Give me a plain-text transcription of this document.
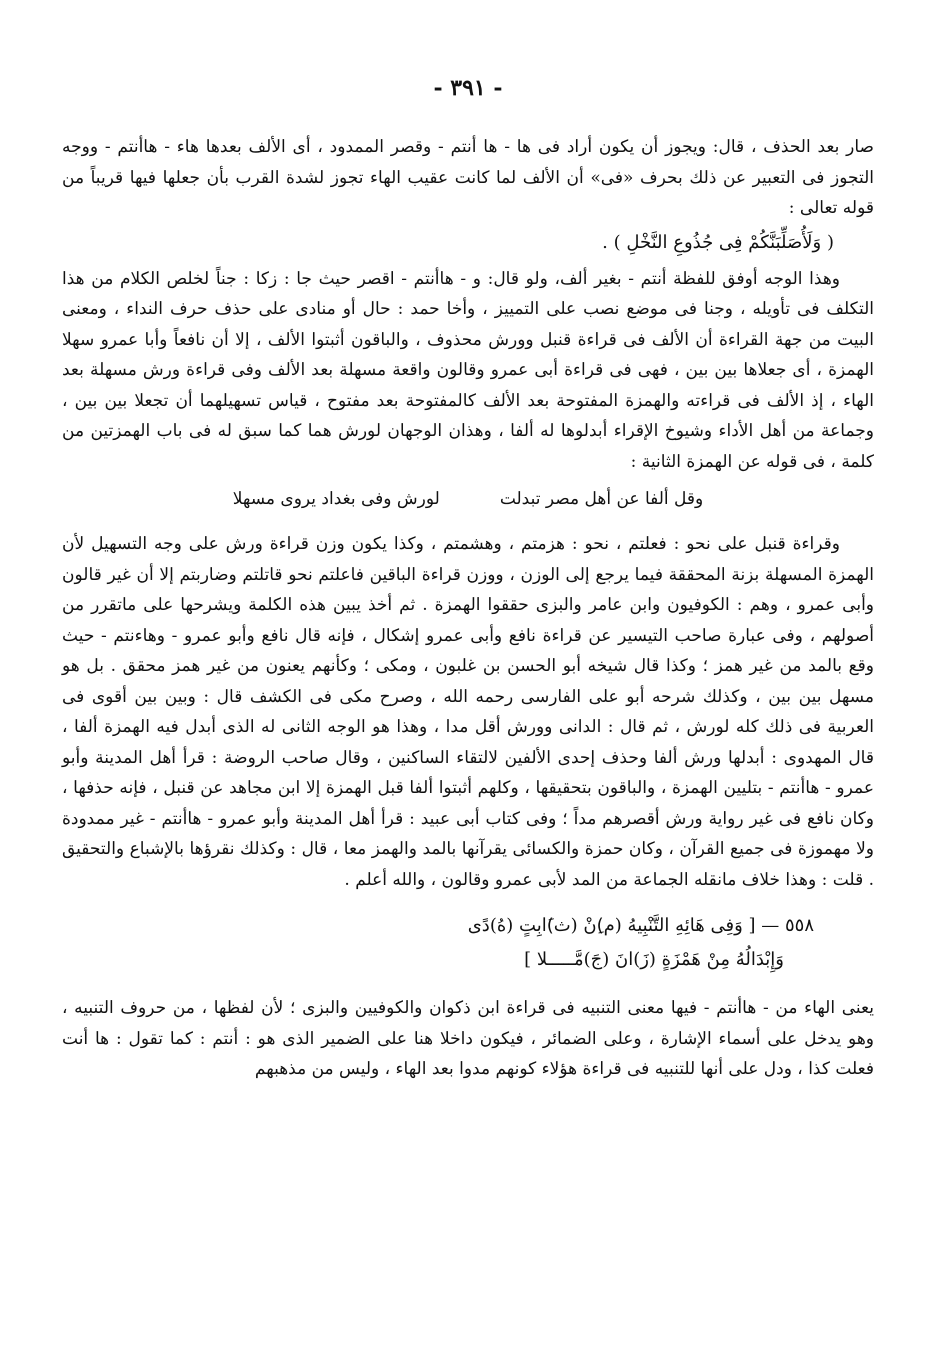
- ٣٩١ -

صار بعد الحذف ، قال: ويجوز أن يكون أراد فى ها - ها أنتم - وقصر الممدود ، أى الألف بعدها هاء - هاأنتم - ووجه التجوز فى التعبير عن ذلك بحرف «فى» أن الألف لما كانت عقيب الهاء تجوز لشدة القرب بأن جعلها فيها قريباً من قوله تعالى :

( وَلَأُصَلِّبَنَّكُمْ فِى جُذُوعِ النَّخْلِ ) .

وهذا الوجه أوفق للفظة أنتم - بغير ألف، ولو قال: و - هاأنتم - اقصر حيث جا : زكا : جناً لخلص الكلام من هذا التكلف فى تأويله ، وجنا فى موضع نصب على التمييز ، وأخا حمد : حال أو منادى على حذف حرف النداء ، ومعنى البيت من جهة القراءة أن الألف فى قراءة قنبل وورش محذوف ، والباقون أثبتوا الألف ، إلا أن نافعاً وأبا عمرو سهلا الهمزة ، أى جعلاها بين بين ، فهى فى قراءة أبى عمرو وقالون واقعة مسهلة بعد الألف وفى قراءة ورش مسهلة بعد الهاء ، إذ الألف فى قراءته والهمزة المفتوحة بعد الألف كالمفتوحة بعد مفتوح ، قياس تسهيلهما أن تجعلا بين بين ، وجماعة من أهل الأداء وشيوخ الإقراء أبدلوها له ألفا ، وهذان الوجهان لورش هما كما سبق له فى باب الهمزتين من كلمة ، فى قوله عن الهمزة الثانية :

وقل ألفا عن أهل مصر تبدلت
لورش وفى بغداد يروى مسهلا

وقراءة قنبل على نحو : فعلتم ، نحو : هزمتم ، وهشمتم ، وكذا يكون وزن قراءة ورش على وجه التسهيل لأن الهمزة المسهلة بزنة المحققة فيما يرجع إلى الوزن ، ووزن قراءة الباقين فاعلتم نحو قاتلتم وضاربتم إلا أن غير قالون وأبى عمرو ، وهم : الكوفيون وابن عامر والبزى حققوا الهمزة . ثم أخذ يبين هذه الكلمة ويشرحها على ماتقرر من أصولهم ، وفى عبارة صاحب التيسير عن قراءة نافع وأبى عمرو إشكال ، فإنه قال نافع وأبو عمرو - وهاءنتم - حيث وقع بالمد من غير همز ؛ وكذا قال شيخه أبو الحسن بن غلبون ، ومكى ؛ وكأنهم يعنون من غير همز محقق . بل هو مسهل بين بين ، وكذلك شرحه أبو على الفارسى رحمه الله ، وصرح مكى فى الكشف قال : وبين بين أقوى فى العربية فى ذلك كله لورش ، ثم قال : الدانى وورش أقل مدا ، وهذا هو الوجه الثانى له الذى أبدل فيه الهمزة ألفا ، قال المهدوى : أبدلها ورش ألفا وحذف إحدى الألفين لالتقاء الساكنين ، وقال صاحب الروضة : قرأ أهل المدينة وأبو عمرو - هاأنتم - بتليين الهمزة ، والباقون بتحقيقها ، وكلهم أثبتوا ألفا قبل الهمزة إلا ابن مجاهد عن قنبل ، فإنه حذفها ، وكان نافع فى غير رواية ورش أقصرهم مداً ؛ وفى كتاب أبى عبيد : قرأ أهل المدينة وأبو عمرو - هاأنتم - غير ممدودة ولا مهموزة فى جميع القرآن ، وكان حمزة والكسائى يقرآنها بالمد والهمز معا ، قال : وكذلك نقرؤها بالإشباع والتحقيق . قلت : وهذا خلاف مانقله الجماعة من المد لأبى عمرو وقالون ، والله أعلم .

٥٥٨ — [ وَفِى هَائِهِ التَّنْبِيهُ (م)ِنْ (ث)َابِتٍ (هُ)دًى

وَإِبْدَالُهُ مِنْ هَمْزَةٍ (زَ)انَ (جَ)مَّـــــلا ]

يعنى الهاء من - هاأنتم - فيها معنى التنبيه فى قراءة ابن ذكوان والكوفيين والبزى ؛ لأن لفظها ، من حروف التنبيه ، وهو يدخل على أسماء الإشارة ، وعلى الضمائر ، فيكون داخلا هنا على الضمير الذى هو : أنتم : كما تقول : ها أنت فعلت كذا ، ودل على أنها للتنبيه فى قراءة هؤلاء كونهم مدوا بعد الهاء ، وليس من مذهبهم
